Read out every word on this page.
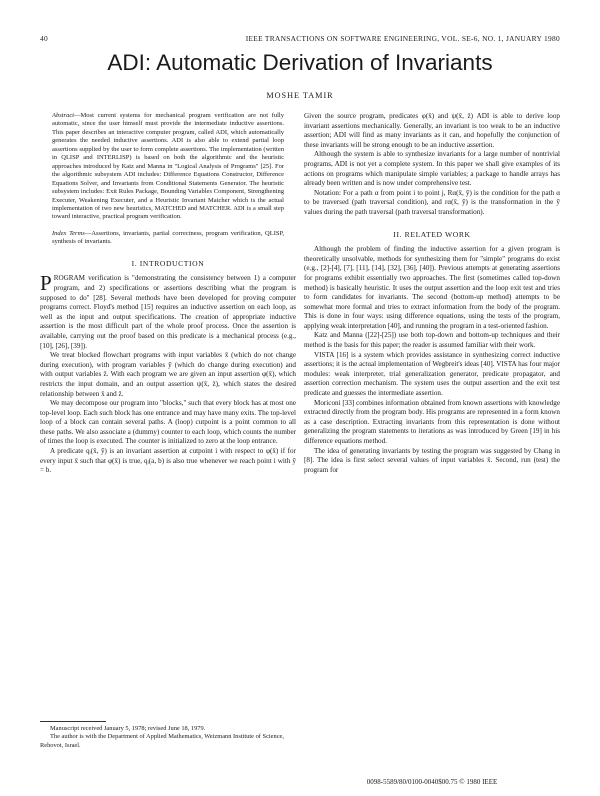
40	IEEE TRANSACTIONS ON SOFTWARE ENGINEERING, VOL. SE-6, NO. 1, JANUARY 1980
ADI: Automatic Derivation of Invariants
MOSHE TAMIR

Abstract—Most current systems for mechanical program verification are not fully automatic, since the user himself must provide the intermediate inductive assertions. This paper describes an interactive computer program, called ADI, which automatically generates the needed inductive assertions. ADI is also able to extend partial loop assertions supplied by the user to form complete assertions. The implementation (written in QLISP and INTERLISP) is based on both the algorithmic and the heuristic approaches introduced by Katz and Manna in "Logical Analysis of Programs" [25]. For the algorithmic subsystem ADI includes: Difference Equations Constructor, Difference Equations Solver, and Invariants from Conditional Statements Generator. The heuristic subsystem includes: Exit Rules Package, Bounding Variables Component, Strengthening Executer, Weakening Executer, and a Heuristic Invariant Matcher which is the actual implementation of two new heuristics, MATCHED and MATCHER. ADI is a small step toward interactive, practical program verification.

Index Terms—Assertions, invariants, partial correctness, program verification, QLISP, synthesis of invariants.

I. INTRODUCTION

PROGRAM verification is "demonstrating the consistency between 1) a computer program, and 2) specifications or assertions describing what the program is supposed to do" [28]. Several methods have been developed for proving computer programs correct. Floyd's method [15] requires an inductive assertion on each loop, as well as the input and output specifications. The creation of appropriate inductive assertion is the most difficult part of the whole proof process. Once the assertion is available, carrying out the proof based on this predicate is a mechanical process (e.g., [10], [26], [39]).

We treat blocked flowchart programs with input variables x̄ (which do not change during execution), with program variables ȳ (which do change during execution) and with output variables z̄. With each program we are given an input assertion φ(x̄), which restricts the input domain, and an output assertion ψ(x̄, z̄), which states the desired relationship between x̄ and z̄.

We may decompose our program into "blocks," such that every block has at most one top-level loop. Each such block has one entrance and may have many exits. The top-level loop of a block can contain several paths. A (loop) cutpoint is a point common to all these paths. We also associate a (dummy) counter to each loop, which counts the number of times the loop is executed. The counter is initialized to zero at the loop entrance.

A predicate qᵢ(x̄, ȳ) is an invariant assertion at cutpoint i with respect to φ(x̄) if for every input x̄ such that φ(x̄) is true, qᵢ(a, b) is also true whenever we reach point i with ȳ = b.

Given the source program, predicates φ(x̄) and ψ(x̄, z̄) ADI is able to derive loop invariant assertions mechanically. Generally, an invariant is too weak to be an inductive assertion; ADI will find as many invariants as it can, and hopefully the conjunction of these invariants will be strong enough to be an inductive assertion.

Although the system is able to synthesize invariants for a large number of nontrivial programs, ADI is not yet a complete system. In this paper we shall give examples of its actions on programs which manipulate simple variables; a package to handle arrays has already been written and is now under comprehensive test.

Notation: For a path α from point i to point j, Rα(x̄, ȳ) is the condition for the path α to be traversed (path traversal condition), and rα(x̄, ȳ) is the transformation in the ȳ values during the path traversal (path traversal transformation).

II. RELATED WORK

Although the problem of finding the inductive assertion for a given program is theoretically unsolvable, methods for synthesizing them for "simple" programs do exist (e.g., [2]-[4], [7], [11], [14], [32], [36], [40]). Previous attempts at generating assertions for programs exhibit essentially two approaches. The first (sometimes called top-down method) is basically heuristic. It uses the output assertion and the loop exit test and tries to form candidates for invariants. The second (bottom-up method) attempts to be somewhat more formal and tries to extract information from the body of the program. This is done in four ways: using difference equations, using the tests of the program, applying weak interpretation [40], and running the program in a test-oriented fashion.

Katz and Manna ([22]-[25]) use both top-down and bottom-up techniques and their method is the basis for this paper; the reader is assumed familiar with their work.

VISTA [16] is a system which provides assistance in synthesizing correct inductive assertions; it is the actual implementation of Wegbreit's ideas [40]. VISTA has four major modules: weak interpreter, trial generalization generator, predicate propagator, and assertion correction mechanism. The system uses the output assertion and the exit test predicate and guesses the intermediate assertion.

Moriconi [33] combines information obtained from known assertions with knowledge extracted directly from the program body. His programs are represented in a form known as a case description. Extracting invariants from this representation is done without generalizing the program statements to iterations as was introduced by Green [19] in his difference equations method.

The idea of generating invariants by testing the program was suggested by Chang in [8]. The idea is first select several values of input variables x̄. Second, run (test) the program for

Manuscript received January 5, 1978; revised June 18, 1979.
The author is with the Department of Applied Mathematics, Weizmann Institute of Science, Rehovot, Israel.
0098-5589/80/0100-0040$00.75 © 1980 IEEE
